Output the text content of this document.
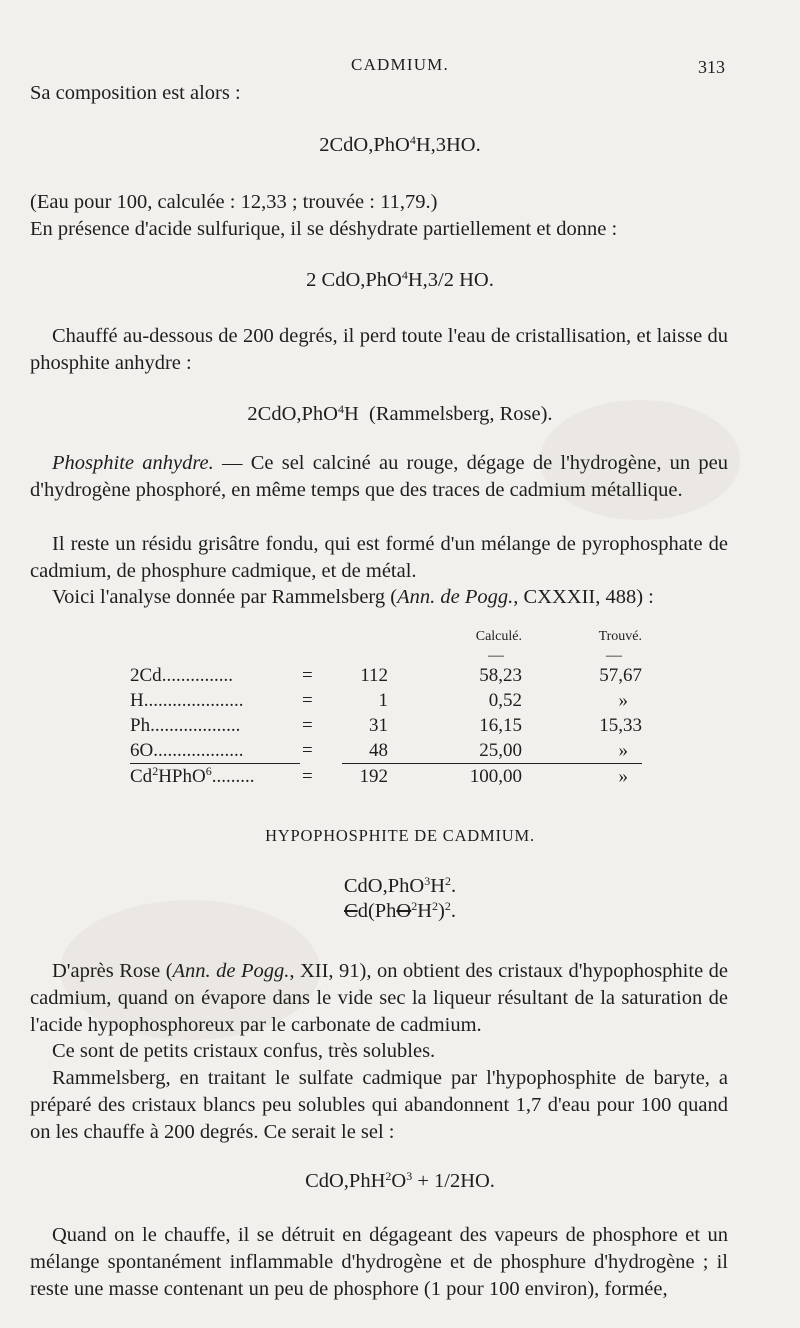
CADMIUM.	313
Sa composition est alors :
2CdO,PhO$^4$H,3HO.
(Eau pour 100, calculée : 12,33 ; trouvée : 11,79.)
En présence d'acide sulfurique, il se déshydrate partiellement et donne :
2 CdO,PhO$^4$H,3/2 HO.
Chauffé au-dessous de 200 degrés, il perd toute l'eau de cristallisation, et laisse du phosphite anhydre :
2CdO,PhO$^4$H  (Rammelsberg, Rose).
Phosphite anhydre. — Ce sel calciné au rouge, dégage de l'hydrogène, un peu d'hydrogène phosphoré, en même temps que des traces de cadmium métallique.
Il reste un résidu grisâtre fondu, qui est formé d'un mélange de pyrophosphate de cadmium, de phosphure cadmique, et de métal.
Voici l'analyse donnée par Rammelsberg (Ann. de Pogg., CXXXII, 488) :
			Calculé.	Trouvé.
			—	—
2Cd...............	=	112	58,23	57,67
H.....................	=	1	0,52	»
Ph...................	=	31	16,15	15,33
6O...................	=	48	25,00	»
$Cd^2HPhO^6$.........	=	192	100,00	»
HYPOPHOSPHITE DE CADMIUM.
$CdO,PhO^3H^2$.
$Cd(PhO^2H^2)^2$.
D'après Rose (Ann. de Pogg., XII, 91), on obtient des cristaux d'hypophosphite de cadmium, quand on évapore dans le vide sec la liqueur résultant de la saturation de l'acide hypophosphoreux par le carbonate de cadmium.
Ce sont de petits cristaux confus, très solubles.
Rammelsberg, en traitant le sulfate cadmique par l'hypophosphite de baryte, a préparé des cristaux blancs peu solubles qui abandonnent 1,7 d'eau pour 100 quand on les chauffe à 200 degrés. Ce serait le sel :
$CdO,PhH^2O^3 + 1/2HO$.
Quand on le chauffe, il se détruit en dégageant des vapeurs de phosphore et un mélange spontanément inflammable d'hydrogène et de phosphure d'hydrogène ; il reste une masse contenant un peu de phosphore (1 pour 100 environ), formée,
